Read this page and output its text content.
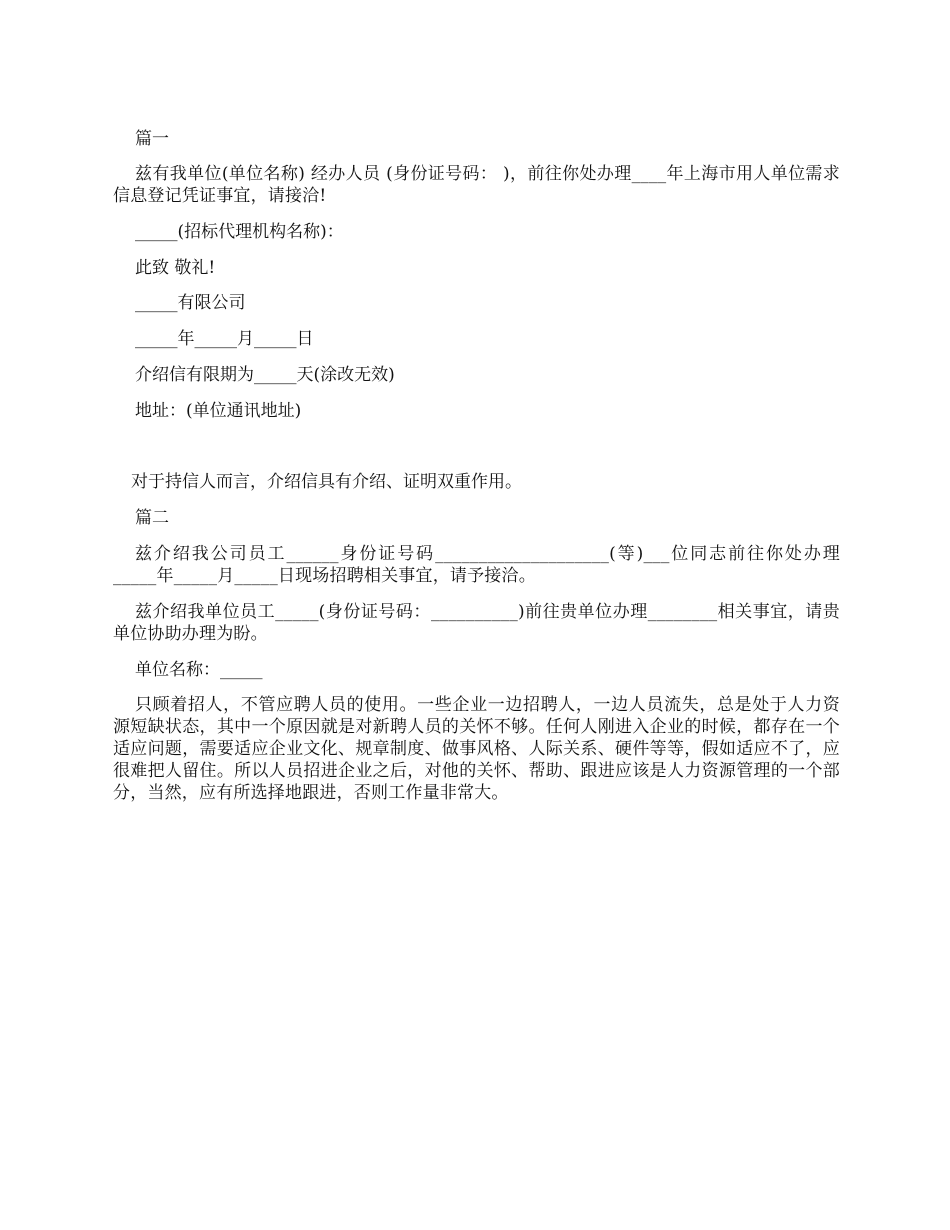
篇一
兹有我单位(单位名称) 经办人员 (身份证号码： )，前往你处办理____年上海市用人单位需求信息登记凭证事宜，请接洽!
_____(招标代理机构名称)：
此致 敬礼!
_____有限公司
_____年_____月_____日
介绍信有限期为_____天(涂改无效)
地址：(单位通讯地址)
对于持信人而言，介绍信具有介绍、证明双重作用。
篇二
兹介绍我公司员工______身份证号码____________________(等)___位同志前往你处办理_____年_____月_____日现场招聘相关事宜，请予接洽。
兹介绍我单位员工_____(身份证号码：__________)前往贵单位办理________相关事宜，请贵单位协助办理为盼。
单位名称：_____
只顾着招人，不管应聘人员的使用。一些企业一边招聘人，一边人员流失，总是处于人力资源短缺状态，其中一个原因就是对新聘人员的关怀不够。任何人刚进入企业的时候，都存在一个适应问题，需要适应企业文化、规章制度、做事风格、人际关系、硬件等等，假如适应不了，应很难把人留住。所以人员招进企业之后，对他的关怀、帮助、跟进应该是人力资源管理的一个部分，当然，应有所选择地跟进，否则工作量非常大。
